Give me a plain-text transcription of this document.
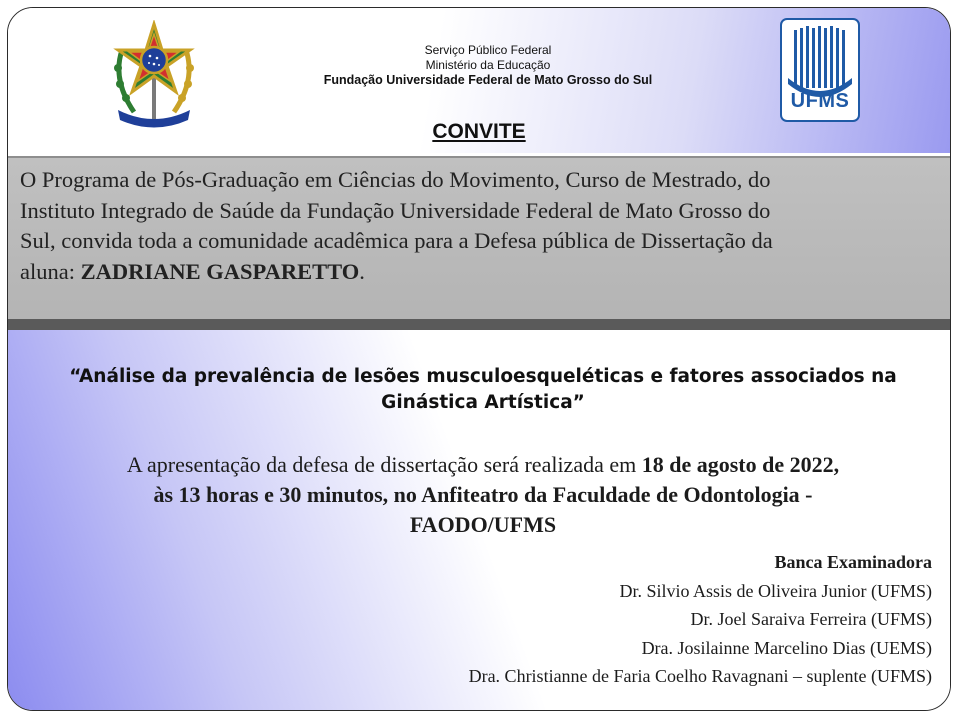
UFMS
Serviço Público Federal
Ministério da Educação
Fundação Universidade Federal de Mato Grosso do Sul
CONVITE
O Programa de Pós-Graduação em Ciências do Movimento, Curso de Mestrado, do
Instituto Integrado de Saúde da Fundação Universidade Federal de Mato Grosso do
Sul, convida toda a comunidade acadêmica para a Defesa pública de Dissertação da
aluna: ZADRIANE GASPARETTO.
“Análise da prevalência de lesões musculoesqueléticas e fatores associados na
Ginástica Artística”
A apresentação da defesa de dissertação será realizada em 18 de agosto de 2022,
às 13 horas e 30 minutos, no Anfiteatro da Faculdade de Odontologia -
FAODO/UFMS
Banca Examinadora
Dr. Silvio Assis de Oliveira Junior (UFMS)
Dr. Joel Saraiva Ferreira (UFMS)
Dra. Josilainne Marcelino Dias (UEMS)
Dra. Christianne de Faria Coelho Ravagnani – suplente (UFMS)
